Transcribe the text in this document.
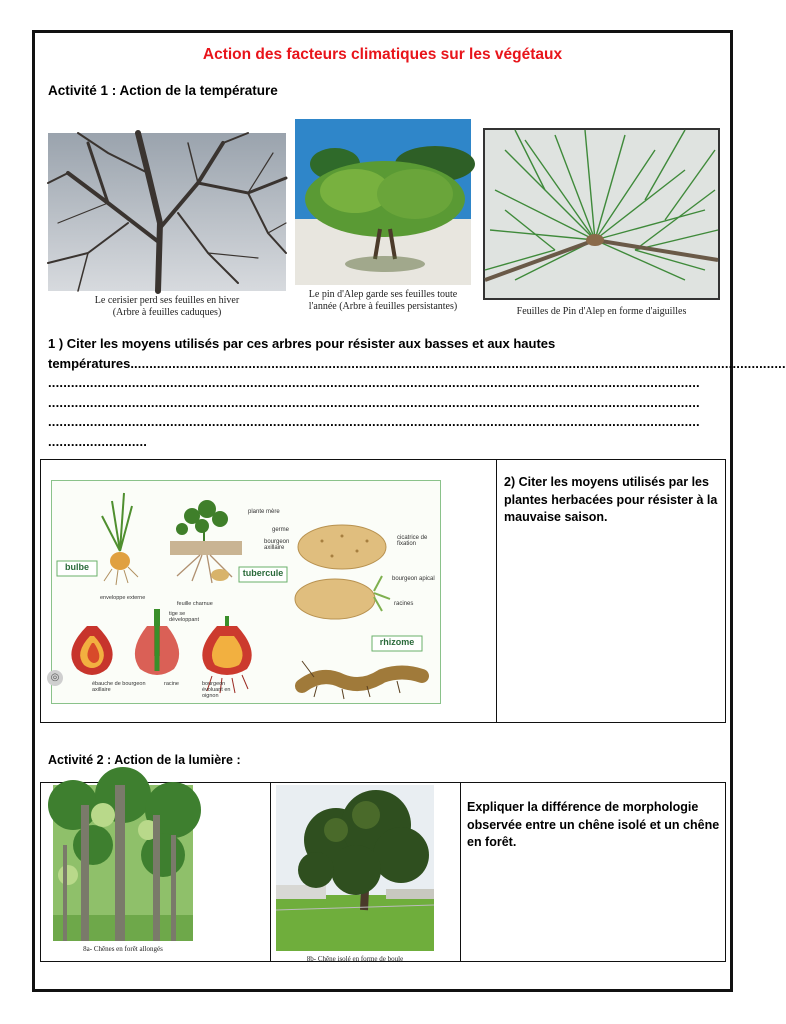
Action des facteurs climatiques sur les végétaux
Activité 1 : Action de la température
Le cerisier perd ses feuilles en hiver
(Arbre à feuilles caduques)
Le pin d'Alep garde ses feuilles toute
l'année (Arbre à feuilles persistantes)	Feuilles de Pin d'Alep en forme d'aiguilles
1 ) Citer les moyens utilisés par ces arbres pour résister aux basses et aux hautes

températures. ...........................................................................................................................................................................
...........................................................................................................................................................................
...........................................................................................................................................................................
...........................................................................................................................................................................
..........................
bulbe
tubercule
rhizome
plante mère
germe
bourgeon axillaire
cicatrice de fixation
bourgeon apical
racines
enveloppe externe
feuille charnue
tige se développant
ébauche de bourgeon axillaire
racine	bourgeon évoluant en oignon
◎
2) Citer les moyens utilisés par les plantes herbacées pour résister à la mauvaise saison.
Activité 2 : Action de la lumière :
8a- Chênes en forêt allongés
8b- Chêne isolé en forme de boule
Expliquer la différence de morphologie observée entre un chêne isolé et un chêne en forêt.
